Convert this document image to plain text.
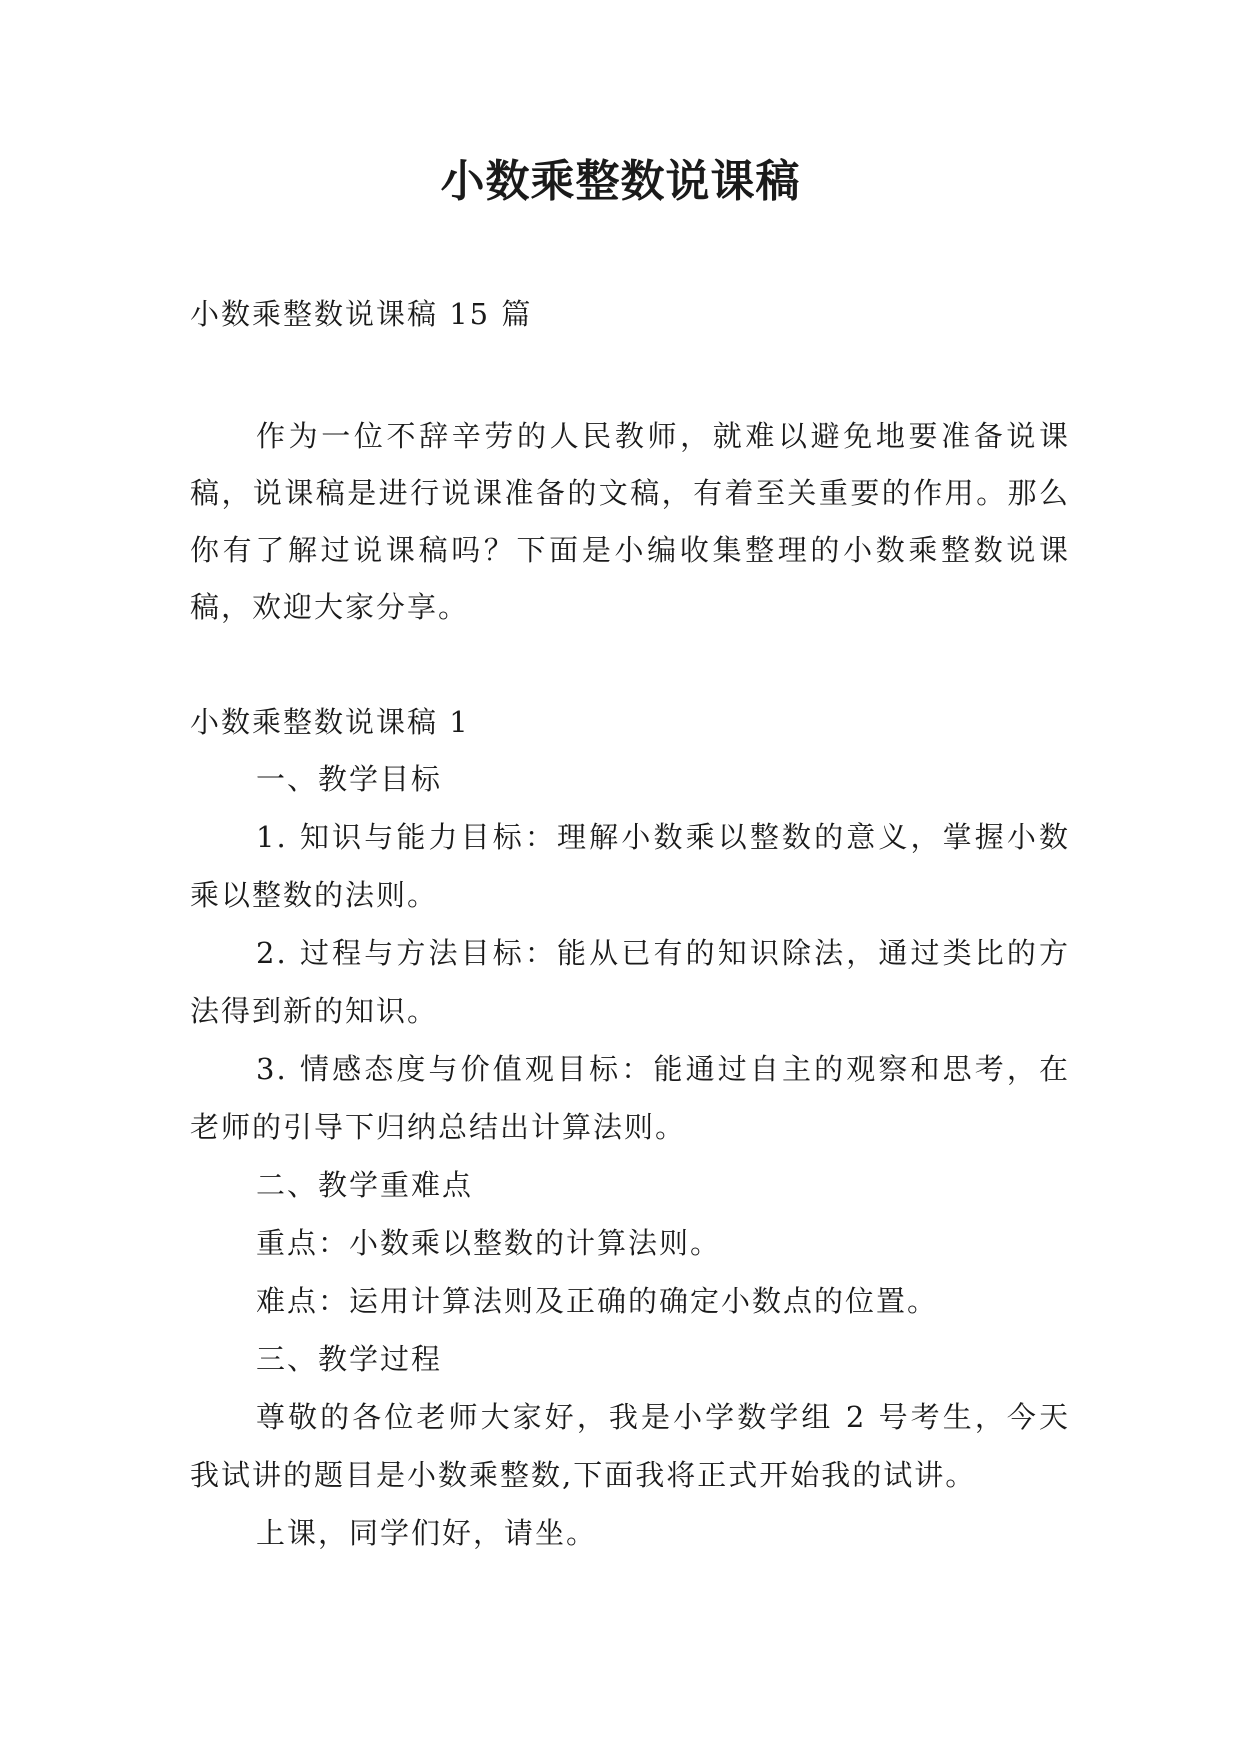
小数乘整数说课稿
小数乘整数说课稿 15 篇
作为一位不辞辛劳的人民教师，就难以避免地要准备说课稿，说课稿是进行说课准备的文稿，有着至关重要的作用。那么你有了解过说课稿吗？下面是小编收集整理的小数乘整数说课稿，欢迎大家分享。
小数乘整数说课稿 1

一、教学目标

1. 知识与能力目标：理解小数乘以整数的意义，掌握小数乘以整数的法则。

2. 过程与方法目标：能从已有的知识除法，通过类比的方法得到新的知识。

3. 情感态度与价值观目标：能通过自主的观察和思考，在老师的引导下归纳总结出计算法则。

二、教学重难点

重点：小数乘以整数的计算法则。

难点：运用计算法则及正确的确定小数点的位置。

三、教学过程

尊敬的各位老师大家好，我是小学数学组 2 号考生，今天我试讲的题目是小数乘整数,下面我将正式开始我的试讲。

上课，同学们好，请坐。
